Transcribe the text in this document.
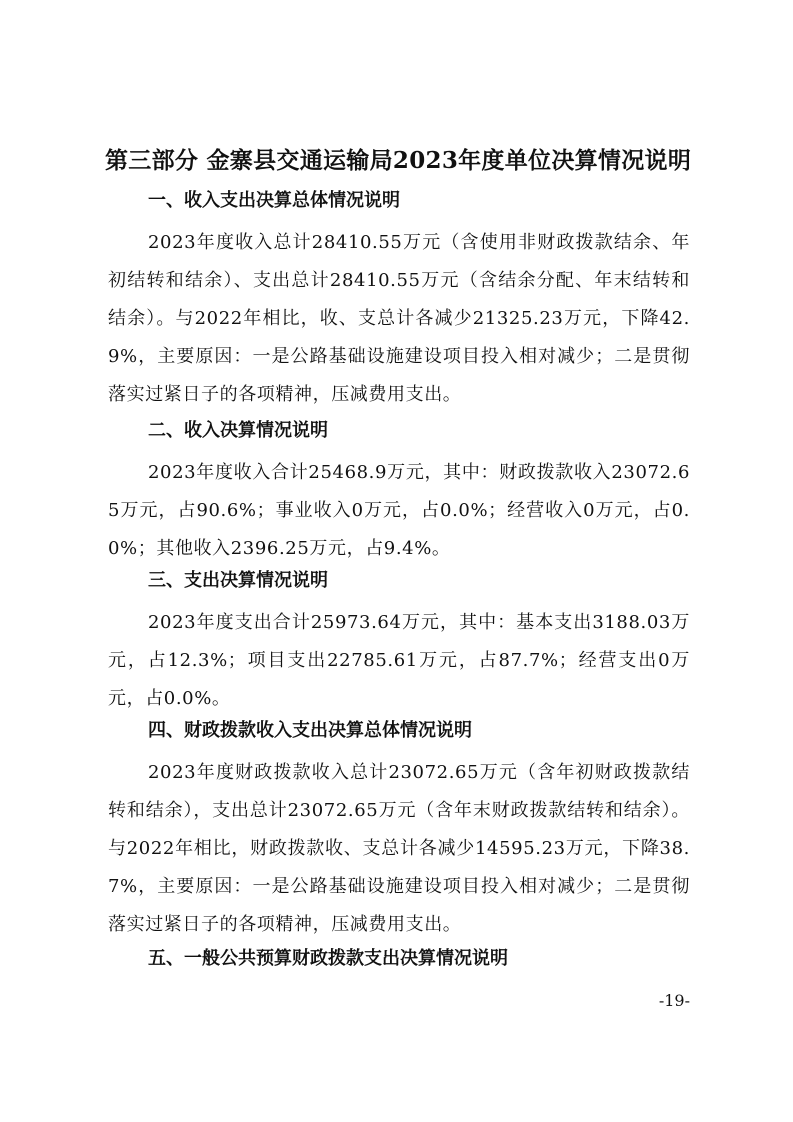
第三部分 金寨县交通运输局2023年度单位决算情况说明
一、收入支出决算总体情况说明

2023年度收入总计28410.55万元（含使用非财政拨款结余、年初结转和结余）、支出总计28410.55万元（含结余分配、年末结转和结余）。与2022年相比，收、支总计各减少21325.23万元，下降42.9%，主要原因：一是公路基础设施建设项目投入相对减少；二是贯彻落实过紧日子的各项精神，压减费用支出。

二、收入决算情况说明

2023年度收入合计25468.9万元，其中：财政拨款收入23072.65万元，占90.6%；事业收入0万元，占0.0%；经营收入0万元，占0.0%；其他收入2396.25万元，占9.4%。

三、支出决算情况说明

2023年度支出合计25973.64万元，其中：基本支出3188.03万元，占12.3%；项目支出22785.61万元，占87.7%；经营支出0万元，占0.0%。

四、财政拨款收入支出决算总体情况说明

2023年度财政拨款收入总计23072.65万元（含年初财政拨款结转和结余），支出总计23072.65万元（含年末财政拨款结转和结余）。与2022年相比，财政拨款收、支总计各减少14595.23万元，下降38.7%，主要原因：一是公路基础设施建设项目投入相对减少；二是贯彻落实过紧日子的各项精神，压减费用支出。

五、一般公共预算财政拨款支出决算情况说明
-19-
